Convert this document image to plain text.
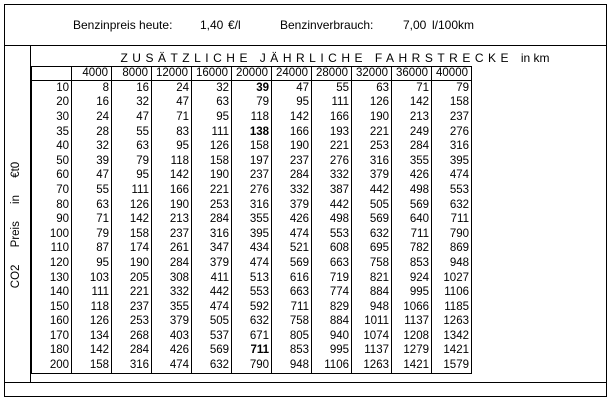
Benzinpreis heute: 1,40 €/l	Benzinverbrauch: 7,00 l/100km
ZUSÄTZLICHE JÄHRLICHE FAHRSTRECKE in km
CO2 Preis in €t0
	4000	8000	12000	16000	20000	24000	28000	32000	36000	40000
10	8	16	24	32	39	47	55	63	71	79
20	16	32	47	63	79	95	111	126	142	158
30	24	47	71	95	118	142	166	190	213	237
35	28	55	83	111	138	166	193	221	249	276
40	32	63	95	126	158	190	221	253	284	316
50	39	79	118	158	197	237	276	316	355	395
60	47	95	142	190	237	284	332	379	426	474
70	55	111	166	221	276	332	387	442	498	553
80	63	126	190	253	316	379	442	505	569	632
90	71	142	213	284	355	426	498	569	640	711
100	79	158	237	316	395	474	553	632	711	790
110	87	174	261	347	434	521	608	695	782	869
120	95	190	284	379	474	569	663	758	853	948
130	103	205	308	411	513	616	719	821	924	1027
140	111	221	332	442	553	663	774	884	995	1106
150	118	237	355	474	592	711	829	948	1066	1185
160	126	253	379	505	632	758	884	1011	1137	1263
170	134	268	403	537	671	805	940	1074	1208	1342
180	142	284	426	569	711	853	995	1137	1279	1421
200	158	316	474	632	790	948	1106	1263	1421	1579
